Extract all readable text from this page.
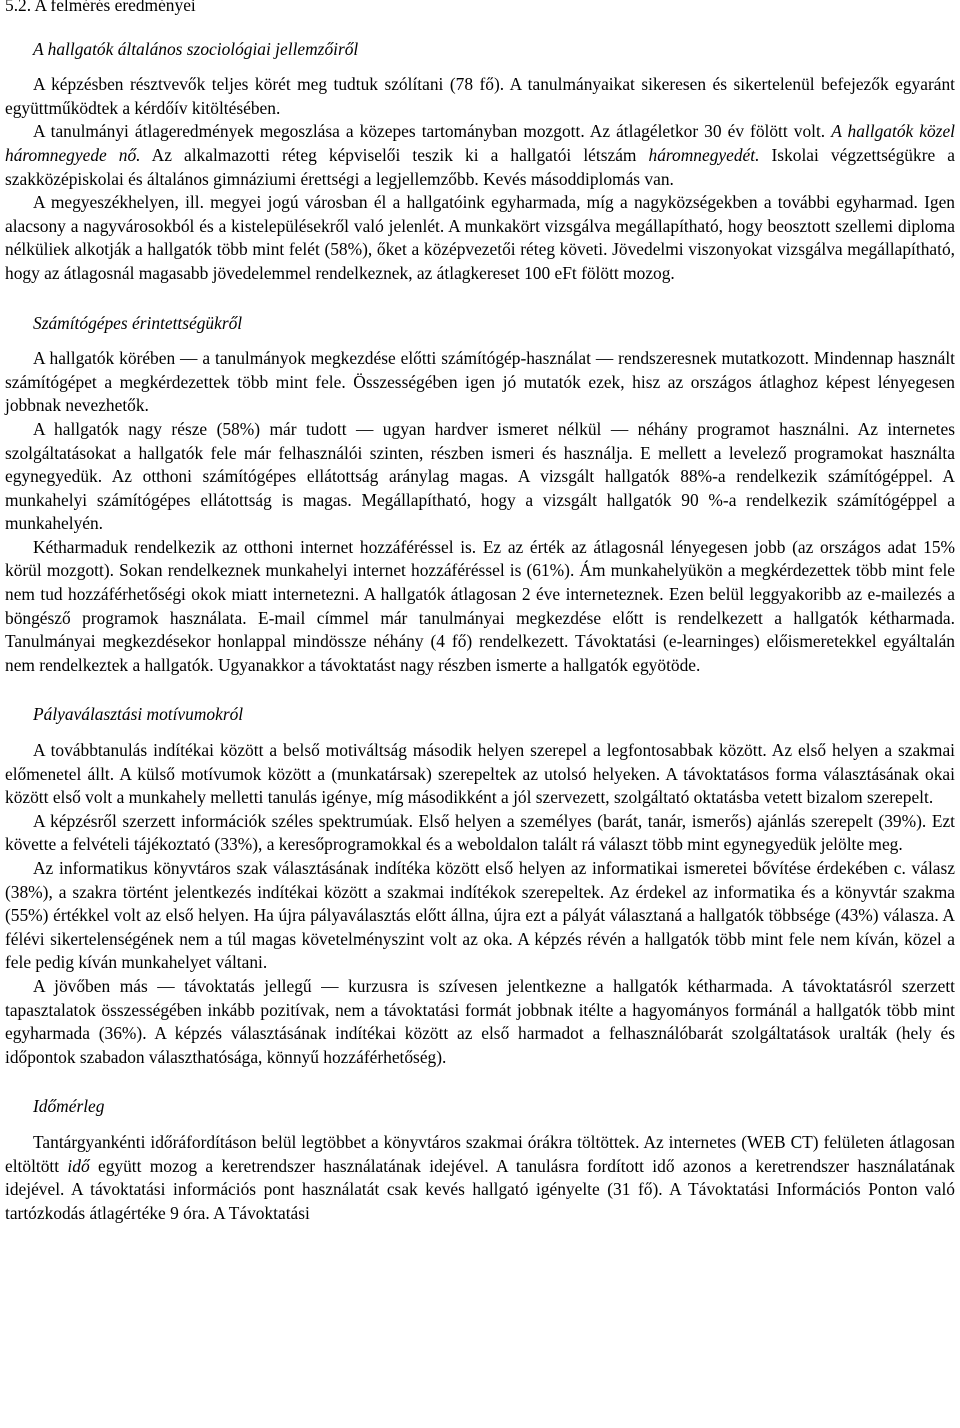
5.2. A felmérés eredményei
A hallgatók általános szociológiai jellemzőiről

A képzésben résztvevők teljes körét meg tudtuk szólítani (78 fő). A tanulmányaikat sikeresen és sikertelenül befejezők egyaránt együttműködtek a kérdőív kitöltésében.

A tanulmányi átlageredmények megoszlása a közepes tartományban mozgott. Az átlagéletkor 30 év fölött volt. A hallgatók közel háromnegyede nő. Az alkalmazotti réteg képviselői teszik ki a hallgatói létszám háromnegyedét. Iskolai végzettségükre a szakközépiskolai és általános gimnáziumi érettségi a legjellemzőbb. Kevés másoddiplomás van.

A megyeszékhelyen, ill. megyei jogú városban él a hallgatóink egyharmada, míg a nagyközségekben a további egyharmad. Igen alacsony a nagyvárosokból és a kistelepülésekről való jelenlét. A munkakört vizsgálva megállapítható, hogy beosztott szellemi diploma nélküliek alkotják a hallgatók több mint felét (58%), őket a középvezetői réteg követi. Jövedelmi viszonyokat vizsgálva megállapítható, hogy az átlagosnál magasabb jövedelemmel rendelkeznek, az átlagkereset 100 eFt fölött mozog.

Számítógépes érintettségükről

A hallgatók körében — a tanulmányok megkezdése előtti számítógép-használat — rendszeresnek mutatkozott. Mindennap használt számítógépet a megkérdezettek több mint fele. Összességében igen jó mutatók ezek, hisz az országos átlaghoz képest lényegesen jobbnak nevezhetők.

A hallgatók nagy része (58%) már tudott — ugyan hardver ismeret nélkül — néhány programot használni. Az internetes szolgáltatásokat a hallgatók fele már felhasználói szinten, részben ismeri és használja. E mellett a levelező programokat használta egynegyedük. Az otthoni számítógépes ellátottság aránylag magas. A vizsgált hallgatók 88%-a rendelkezik számítógéppel. A munkahelyi számítógépes ellátottság is magas. Megállapítható, hogy a vizsgált hallgatók 90 %-a rendelkezik számítógéppel a munkahelyén.

Kétharmaduk rendelkezik az otthoni internet hozzáféréssel is. Ez az érték az átlagosnál lényegesen jobb (az országos adat 15% körül mozgott). Sokan rendelkeznek munkahelyi internet hozzáféréssel is (61%). Ám munkahelyükön a megkérdezettek több mint fele nem tud hozzáférhetőségi okok miatt internetezni. A hallgatók átlagosan 2 éve interneteznek. Ezen belül leggyakoribb az e-mailezés a böngésző programok használata. E-mail címmel már tanulmányai megkezdése előtt is rendelkezett a hallgatók kétharmada. Tanulmányai megkezdésekor honlappal mindössze néhány (4 fő) rendelkezett. Távoktatási (e-learninges) előismeretekkel egyáltalán nem rendelkeztek a hallgatók. Ugyanakkor a távoktatást nagy részben ismerte a hallgatók egyötöde.

Pályaválasztási motívumokról

A továbbtanulás indítékai között a belső motiváltság második helyen szerepel a legfontosabbak között. Az első helyen a szakmai előmenetel állt. A külső motívumok között a (munkatársak) szerepeltek az utolsó helyeken. A távoktatásos forma választásának okai között első volt a munkahely melletti tanulás igénye, míg másodikként a jól szervezett, szolgáltató oktatásba vetett bizalom szerepelt.

A képzésről szerzett információk széles spektrumúak. Első helyen a személyes (barát, tanár, ismerős) ajánlás szerepelt (39%). Ezt követte a felvételi tájékoztató (33%), a keresőprogramokkal és a weboldalon talált rá választ több mint egynegyedük jelölte meg.

Az informatikus könyvtáros szak választásának indítéka között első helyen az informatikai ismeretei bővítése érdekében c. válasz (38%), a szakra történt jelentkezés indítékai között a szakmai indítékok szerepeltek. Az érdekel az informatika és a könyvtár szakma (55%) értékkel volt az első helyen. Ha újra pályaválasztás előtt állna, újra ezt a pályát választaná a hallgatók többsége (43%) válasza. A félévi sikertelenségének nem a túl magas követelményszint volt az oka. A képzés révén a hallgatók több mint fele nem kíván, közel a fele pedig kíván munkahelyet váltani.

A jövőben más — távoktatás jellegű — kurzusra is szívesen jelentkezne a hallgatók kétharmada. A távoktatásról szerzett tapasztalatok összességében inkább pozitívak, nem a távoktatási formát jobbnak itélte a hagyományos formánál a hallgatók több mint egyharmada (36%). A képzés választásának indítékai között az első harmadot a felhasználóbarát szolgáltatások uralták (hely és időpontok szabadon választhatósága, könnyű hozzáférhetőség).

Időmérleg

Tantárgyankénti időráfordításon belül legtöbbet a könyvtáros szakmai órákra töltöttek. Az internetes (WEB CT) felületen átlagosan eltöltött idő együtt mozog a keretrendszer használatának idejével. A tanulásra fordított idő azonos a keretrendszer használatának idejével. A távoktatási információs pont használatát csak kevés hallgató igényelte (31 fő). A Távoktatási Információs Ponton való tartózkodás átlagértéke 9 óra. A Távoktatási
